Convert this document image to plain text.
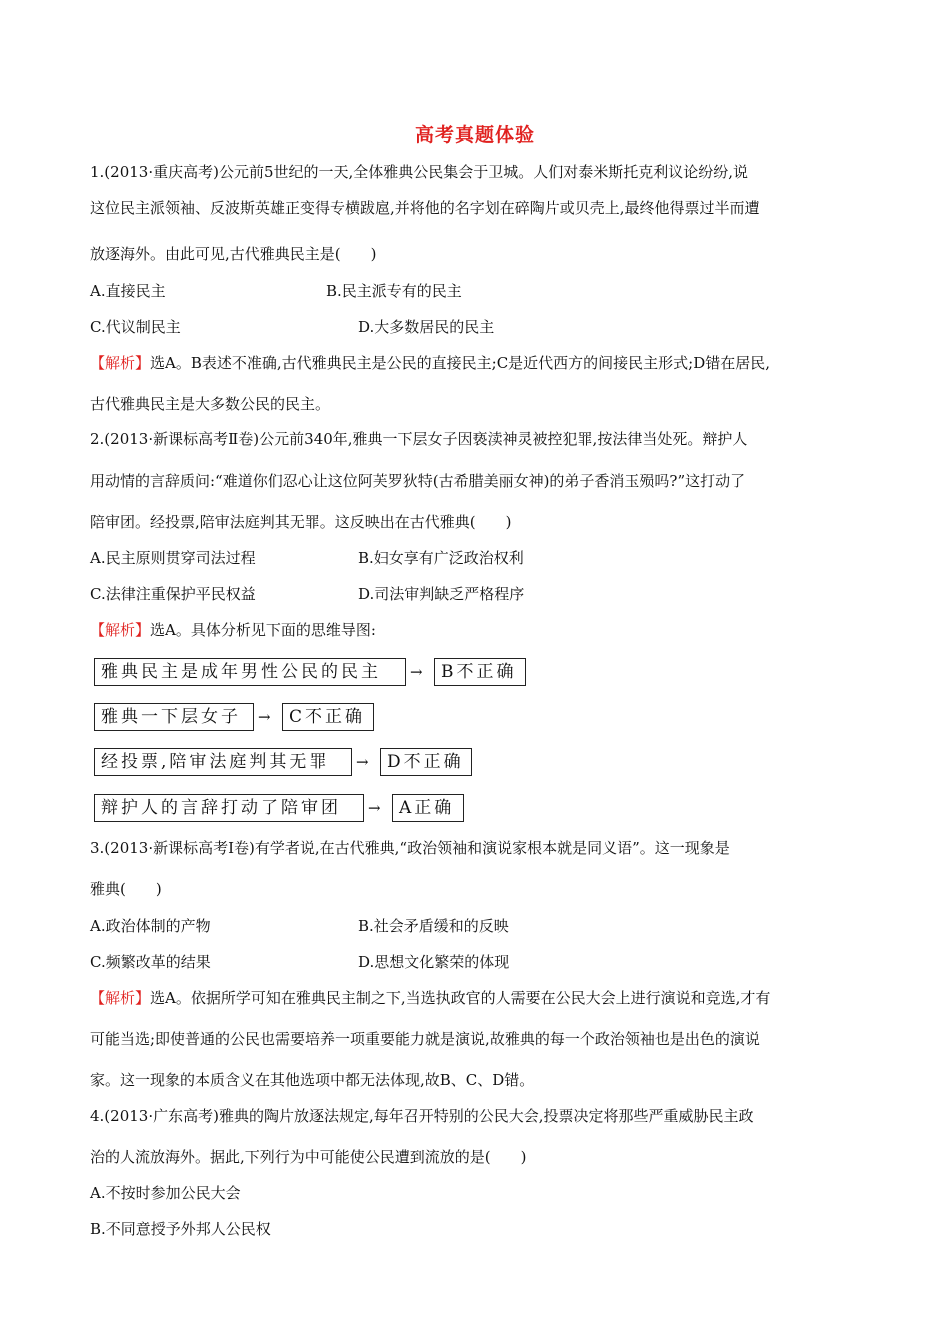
高考真题体验
1.(2013·重庆高考)公元前5世纪的一天,全体雅典公民集会于卫城。人们对泰米斯托克利议论纷纷,说
这位民主派领袖、反波斯英雄正变得专横跋扈,并将他的名字划在碎陶片或贝壳上,最终他得票过半而遭
放逐海外。由此可见,古代雅典民主是(　　)
A.直接民主	B.民主派专有的民主
C.代议制民主	D.大多数居民的民主
【解析】选A。B表述不准确,古代雅典民主是公民的直接民主;C是近代西方的间接民主形式;D错在居民,
古代雅典民主是大多数公民的民主。
2.(2013·新课标高考Ⅱ卷)公元前340年,雅典一下层女子因亵渎神灵被控犯罪,按法律当处死。辩护人
用动情的言辞质问:“难道你们忍心让这位阿芙罗狄特(古希腊美丽女神)的弟子香消玉殒吗?”这打动了
陪审团。经投票,陪审法庭判其无罪。这反映出在古代雅典(　　)
A.民主原则贯穿司法过程	B.妇女享有广泛政治权利
C.法律注重保护平民权益	D.司法审判缺乏严格程序
【解析】选A。具体分析见下面的思维导图:
雅典民主是成年男性公民的民主	→	B不正确
雅典一下层女子	→	C不正确
经投票,陪审法庭判其无罪	→	D不正确
辩护人的言辞打动了陪审团	→	A正确
3.(2013·新课标高考Ⅰ卷)有学者说,在古代雅典,“政治领袖和演说家根本就是同义语”。这一现象是
雅典(　　)
A.政治体制的产物	B.社会矛盾缓和的反映
C.频繁改革的结果	D.思想文化繁荣的体现
【解析】选A。依据所学可知在雅典民主制之下,当选执政官的人需要在公民大会上进行演说和竞选,才有
可能当选;即使普通的公民也需要培养一项重要能力就是演说,故雅典的每一个政治领袖也是出色的演说
家。这一现象的本质含义在其他选项中都无法体现,故B、C、D错。
4.(2013·广东高考)雅典的陶片放逐法规定,每年召开特别的公民大会,投票决定将那些严重威胁民主政
治的人流放海外。据此,下列行为中可能使公民遭到流放的是(　　)
A.不按时参加公民大会
B.不同意授予外邦人公民权
